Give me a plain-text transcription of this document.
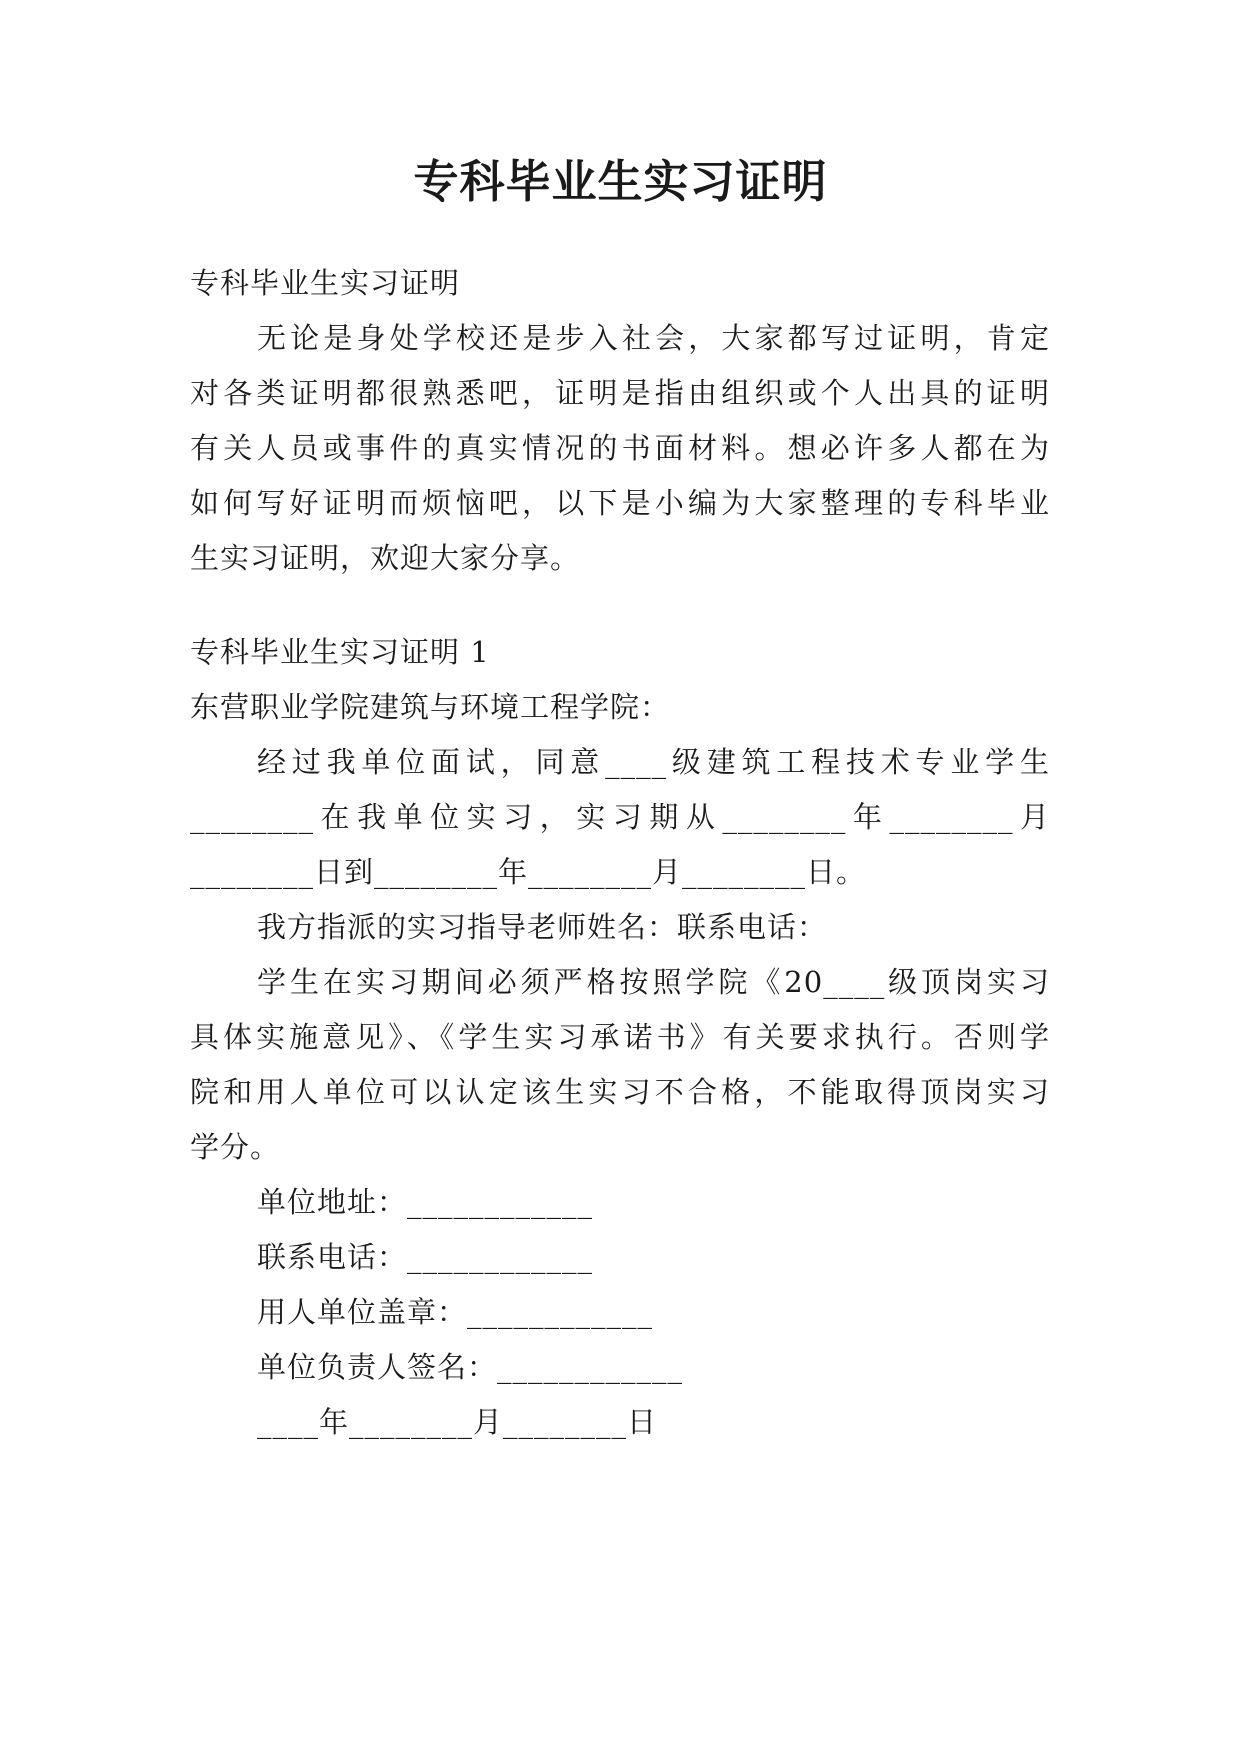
专科毕业生实习证明
专科毕业生实习证明
无论是身处学校还是步入社会，大家都写过证明，肯定
对各类证明都很熟悉吧，证明是指由组织或个人出具的证明
有关人员或事件的真实情况的书面材料。想必许多人都在为
如何写好证明而烦恼吧，以下是小编为大家整理的专科毕业
生实习证明，欢迎大家分享。
专科毕业生实习证明 1
东营职业学院建筑与环境工程学院：
经过我单位面试，同意____级建筑工程技术专业学生
________在我单位实习，实习期从________年________月
________日到________年________月________日。
我方指派的实习指导老师姓名：联系电话：
学生在实习期间必须严格按照学院《20____级顶岗实习
具体实施意见》、《学生实习承诺书》有关要求执行。否则学
院和用人单位可以认定该生实习不合格，不能取得顶岗实习
学分。
单位地址：____________
联系电话：____________
用人单位盖章：____________
单位负责人签名：____________
____年________月________日
